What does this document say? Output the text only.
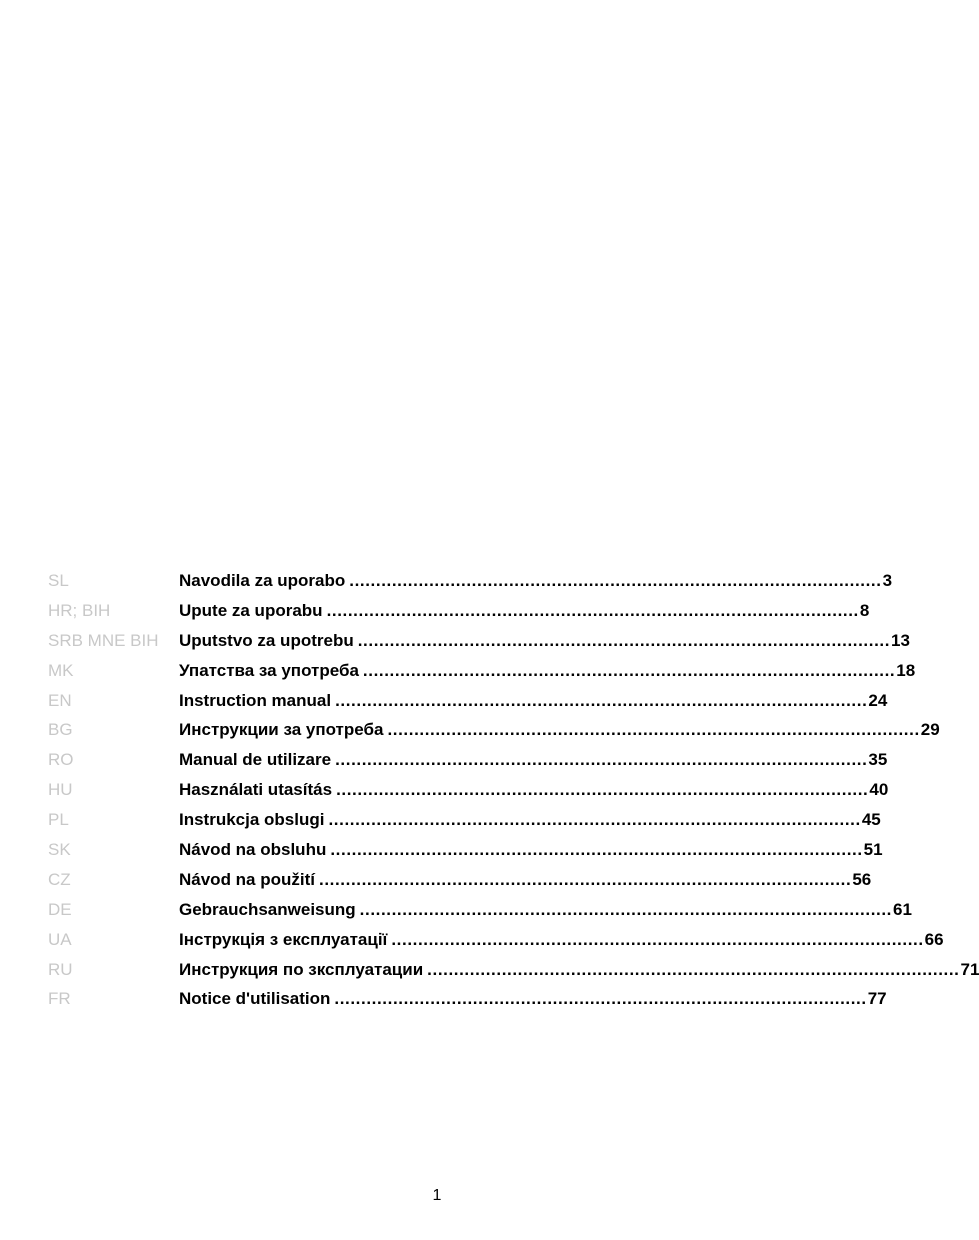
SL	Navodila za uporabo .................................................................................................... 3
HR; BIH	Upute za uporabu .................................................................................................... 8
SRB MNE BIH	Uputstvo za upotrebu .................................................................................................... 13
MK	Упатства за употреба .................................................................................................... 18
EN	Instruction manual .................................................................................................... 24
BG	Инструкции за употреба .................................................................................................... 29
RO	Manual de utilizare .................................................................................................... 35
HU	Használati utasítás .................................................................................................... 40
PL	Instrukcja obslugi .................................................................................................... 45
SK	Návod na obsluhu .................................................................................................... 51
CZ	Návod na použití .................................................................................................... 56
DE	Gebrauchsanweisung .................................................................................................... 61
UA	Інструкція з експлуатації .................................................................................................... 66
RU	Инструкция по зксплуатации .................................................................................................... 71
FR	Notice d'utilisation .................................................................................................... 77
1
